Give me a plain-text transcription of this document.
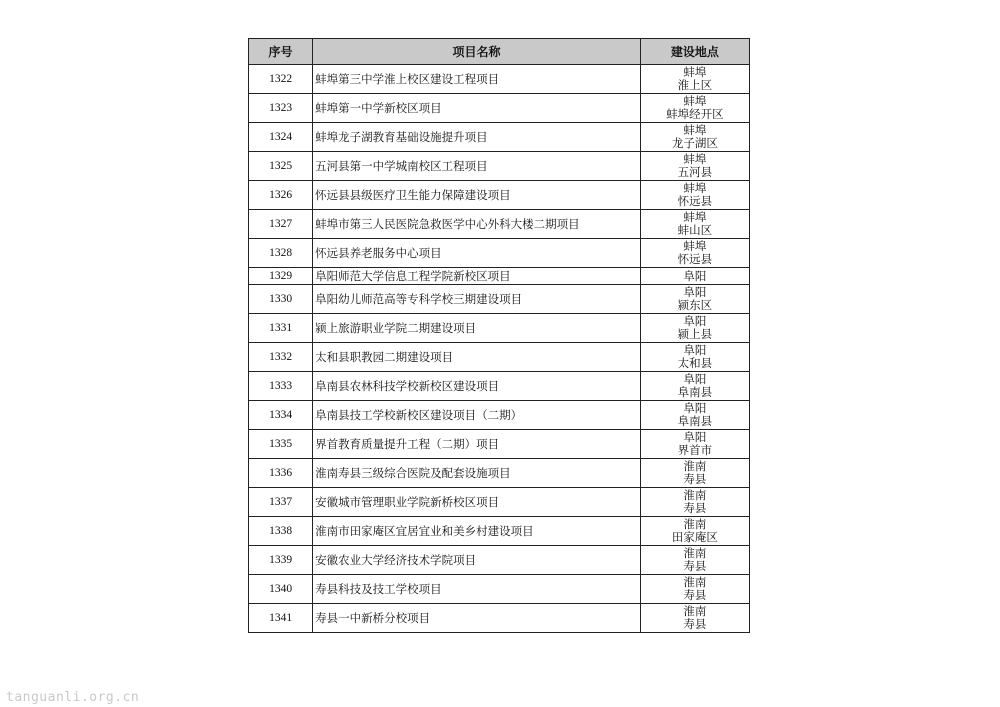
序号	项目名称	建设地点
1322	蚌埠第三中学淮上校区建设工程项目	蚌埠
淮上区

1323	蚌埠第一中学新校区项目	蚌埠
蚌埠经开区

1324	蚌埠龙子湖教育基础设施提升项目	蚌埠
龙子湖区

1325	五河县第一中学城南校区工程项目	蚌埠
五河县

1326	怀远县县级医疗卫生能力保障建设项目	蚌埠
怀远县

1327	蚌埠市第三人民医院急救医学中心外科大楼二期项目	蚌埠
蚌山区

1328	怀远县养老服务中心项目	蚌埠
怀远县

1329	阜阳师范大学信息工程学院新校区项目	阜阳

1330	阜阳幼儿师范高等专科学校三期建设项目	阜阳
颍东区

1331	颍上旅游职业学院二期建设项目	阜阳
颍上县

1332	太和县职教园二期建设项目	阜阳
太和县

1333	阜南县农林科技学校新校区建设项目	阜阳
阜南县

1334	阜南县技工学校新校区建设项目（二期）	阜阳
阜南县

1335	界首教育质量提升工程（二期）项目	阜阳
界首市

1336	淮南寿县三级综合医院及配套设施项目	淮南
寿县

1337	安徽城市管理职业学院新桥校区项目	淮南
寿县

1338	淮南市田家庵区宜居宜业和美乡村建设项目	淮南
田家庵区

1339	安徽农业大学经济技术学院项目	淮南
寿县

1340	寿县科技及技工学校项目	淮南
寿县

1341	寿县一中新桥分校项目	淮南
寿县
tanguanli.org.cn
